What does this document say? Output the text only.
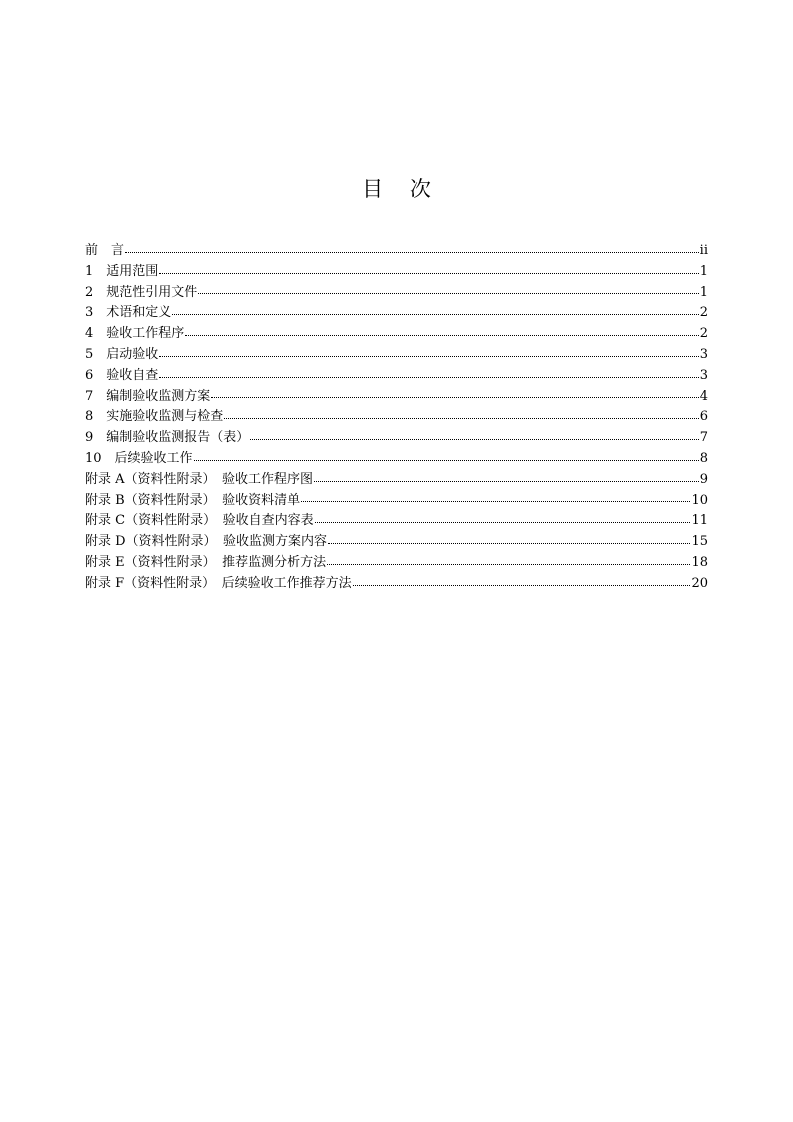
目    次
前　言	ii
1　适用范围	1
2　规范性引用文件	1
3　术语和定义	2
4　验收工作程序	2
5　启动验收	3
6　验收自查	3
7　编制验收监测方案	4
8　实施验收监测与检查	6
9　编制验收监测报告（表）	7
10　后续验收工作	8
附录 A（资料性附录）　验收工作程序图	9
附录 B（资料性附录）　验收资料清单	10
附录 C（资料性附录）　验收自查内容表	11
附录 D（资料性附录）　验收监测方案内容	15
附录 E（资料性附录）　推荐监测分析方法	18
附录 F（资料性附录）　后续验收工作推荐方法	20
